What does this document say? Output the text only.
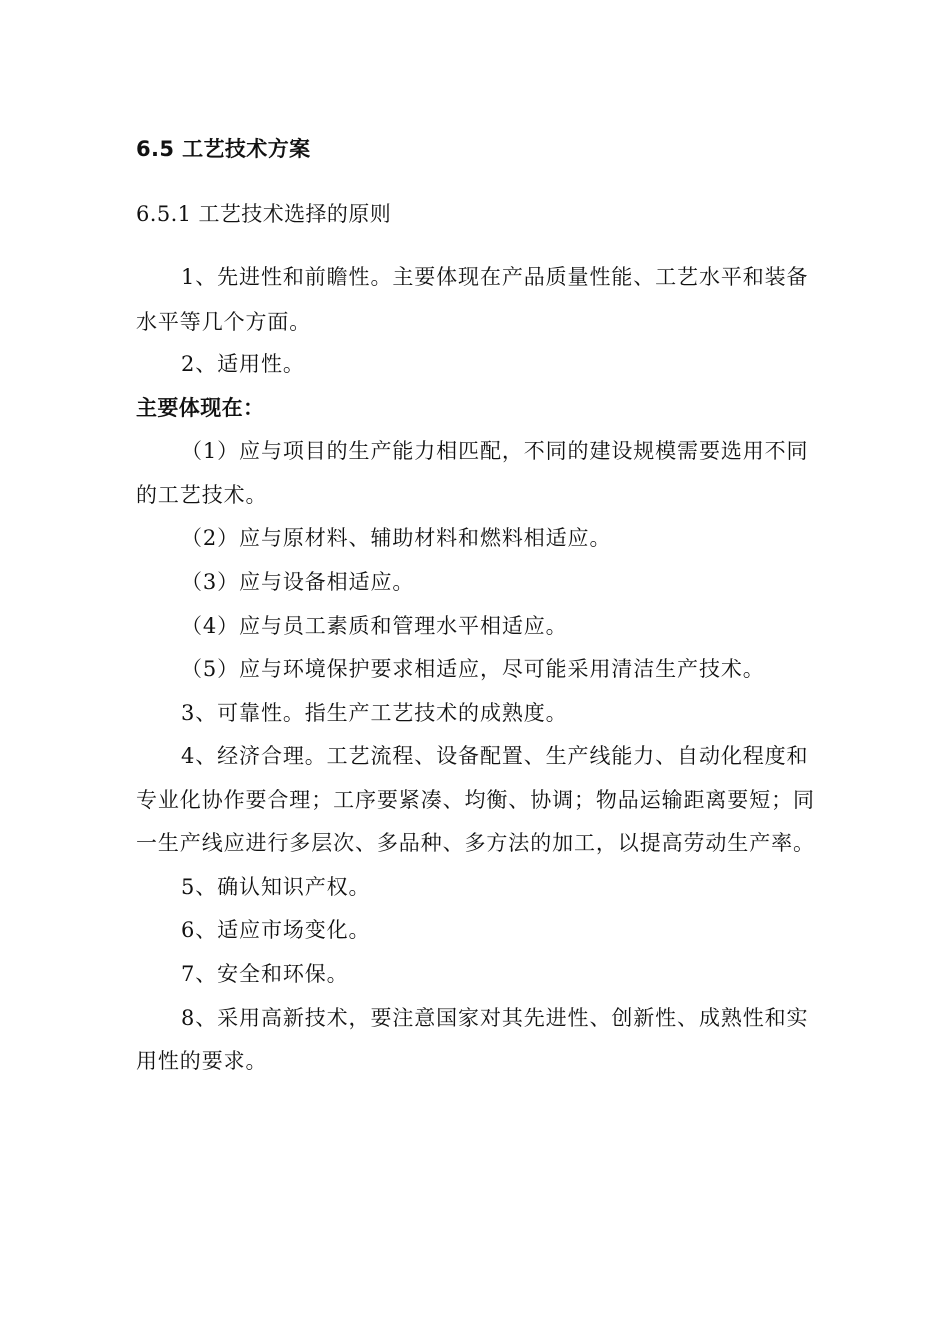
6.5 工艺技术方案
6.5.1 工艺技术选择的原则
1、先进性和前瞻性。主要体现在产品质量性能、工艺水平和装备
水平等几个方面。
2、适用性。
主要体现在：
（1）应与项目的生产能力相匹配，不同的建设规模需要选用不同
的工艺技术。
（2）应与原材料、辅助材料和燃料相适应。
（3）应与设备相适应。
（4）应与员工素质和管理水平相适应。
（5）应与环境保护要求相适应，尽可能采用清洁生产技术。
3、可靠性。指生产工艺技术的成熟度。
4、经济合理。工艺流程、设备配置、生产线能力、自动化程度和
专业化协作要合理；工序要紧凑、均衡、协调；物品运输距离要短；同
一生产线应进行多层次、多品种、多方法的加工，以提高劳动生产率。
5、确认知识产权。
6、适应市场变化。
7、安全和环保。
8、采用高新技术，要注意国家对其先进性、创新性、成熟性和实
用性的要求。
